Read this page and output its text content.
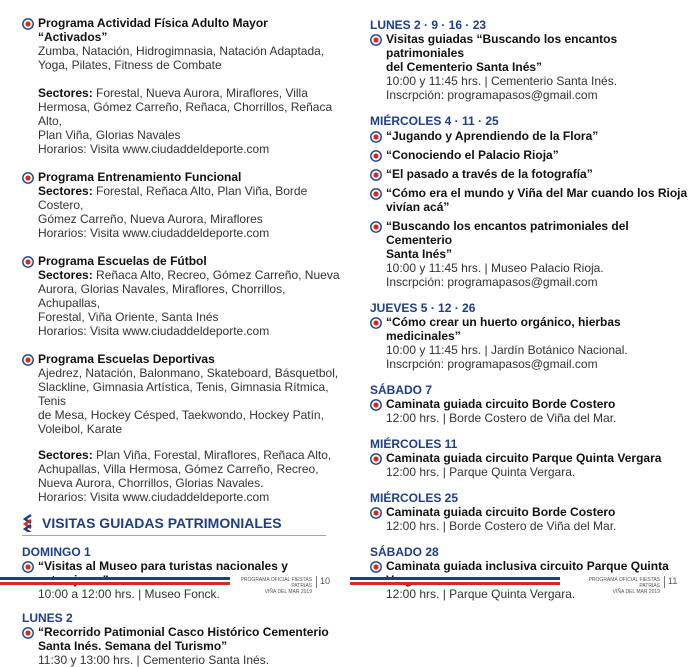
Programa Actividad Física Adulto Mayor “Activados”
Zumba, Natación, Hidrogimnasia, Natación Adaptada,
Yoga, Pilates, Fitness de Combate
Sectores: Forestal, Nueva Aurora, Miraflores, Villa
Hermosa, Gómez Carreño, Reñaca, Chorrillos, Reñaca Alto,
Plan Viña, Glorias Navales
Horarios: Visita www.ciudaddeldeporte.com
Programa Entrenamiento Funcional
Sectores: Forestal, Reñaca Alto, Plan Viña, Borde Costero,
Gómez Carreño, Nueva Aurora, Miraflores
Horarios: Visita www.ciudaddeldeporte.com
Programa Escuelas de Fútbol
Sectores: Reñaca Alto, Recreo, Gómez Carreño, Nueva
Aurora, Glorias Navales, Miraflores, Chorrillos, Achupallas,
Forestal, Viña Oriente, Santa Inés
Horarios: Visita www.ciudaddeldeporte.com
Programa Escuelas Deportivas
Ajedrez, Natación, Balonmano, Skateboard, Básquetbol,
Slackline, Gimnasia Artística, Tenis, Gimnasia Rítmica, Tenis
de Mesa, Hockey Césped, Taekwondo, Hockey Patín,
Voleibol, Karate
Sectores: Plan Viña, Forestal, Miraflores, Reñaca Alto,
Achupallas, Villa Hermosa, Gómez Carreño, Recreo,
Nueva Aurora, Chorrillos, Glorias Navales.
Horarios: Visita www.ciudaddeldeporte.com
VISITAS GUIADAS PATRIMONIALES
DOMINGO 1
“Visitas al Museo para turistas nacionales y
10:00 a 12:00 hrs. | Museo Fonck.
LUNES 2
“Recorrido Patimonial Casco Histórico Cementerio
Santa Inés. Semana del Turismo”
11:30 y 13:00 hrs. | Cementerio Santa Inés.
LUNES 2 · 9 · 16 · 23
Visitas guiadas “Buscando los encantos patrimoniales
del Cementerio Santa Inés”
10:00 y 11:45 hrs. | Cementerio Santa Inés.
Inscrpción: programapasos@gmail.com
MIÉRCOLES 4 · 11 · 25
“Jugando y Aprendiendo de la Flora”
“Conociendo el Palacio Rioja”
“El pasado a través de la fotografía”
“Cómo era el mundo y Viña del Mar cuando los Rioja
vivían acá”
“Buscando los encantos patrimoniales del Cementerio
Santa Inés”
10:00 y 11:45 hrs. | Museo Palacio Rioja.
Inscrpción: programapasos@gmail.com
JUEVES 5 · 12 · 26
“Cómo crear un huerto orgánico, hierbas medicinales”
10:00 y 11:45 hrs. | Jardín Botánico Nacional.
Inscrpción: programapasos@gmail.com
SÁBADO 7
Caminata guiada circuito Borde Costero
12:00 hrs. | Borde Costero de Viña del Mar.
MIÉRCOLES 11
Caminata guiada circuito Parque Quinta Vergara
12:00 hrs. | Parque Quinta Vergara.
MIÉRCOLES 25
Caminata guiada circuito Borde Costero
12:00 hrs. | Borde Costero de Viña del Mar.
SÁBADO 28
Caminata guiada inclusiva circuito Parque Quinta
12:00 hrs. | Parque Quinta Vergara.
PROGRAMA OFICIAL FIESTAS PATRIAS
VIÑA DEL MAR 2019
10	PROGRAMA OFICIAL FIESTAS PATRIAS
VIÑA DEL MAR 2019
11
